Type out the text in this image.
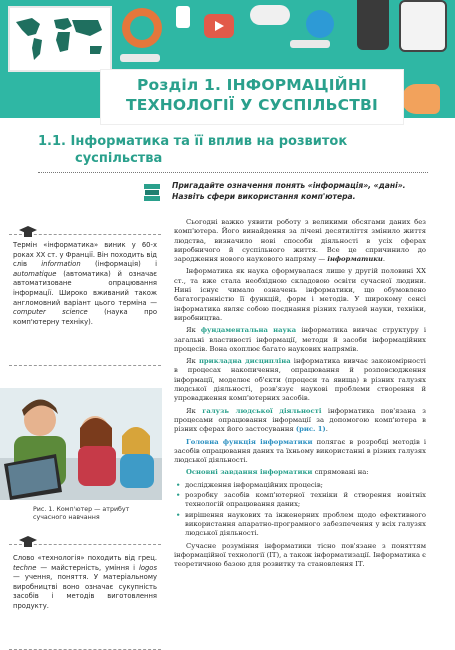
Розділ 1. ІНФОРМАЦІЙНІ
ТЕХНОЛОГІЇ У СУСПІЛЬСТВІ
1.1. Інформатика та її вплив на розвиток
суспільства
Пригадайте означення понять «інформація», «дані». Назвіть сфери використання комп'ютера.
Термін «інформатика» виник у 60-х роках XX ст. у Франції. Він походить від слів information (інформація) і automatique (автоматика) й означає автоматизоване опрацювання інформації. Широко вживаний також англомовний варіант цього терміна — computer science (наука про комп'ютерну техніку).
Рис. 1. Комп'ютер — атрибут сучасного навчання
Слово «технологія» походить від грец. techne — майстерність, уміння і logos — учення, поняття. У матеріальному виробництві воно означає сукупність засобів і методів виготовлення продукту.

Сьогодні важко уявити роботу з великими обсягами даних без комп'ютера. Його винайдення за лічені десятиліття змінило життя людства, визначило нові способи діяльності в усіх сферах виробничого й суспільного життя. Все це спричинило до зародження нового наукового напряму — інформатики.

Інформатика як наука сформувалася лише у другій половині XX ст., та вже стала необхідною складовою освіти сучасної людини. Нині існує чимало означень інформатики, що обумовлено багатогранністю її функцій, форм і методів. У широкому сенсі інформатика являє собою поєднання різних галузей науки, техніки, виробництва.

Як фундаментальна наука інформатика вивчає структуру і загальні властивості інформації, методи й засоби інформаційних процесів. Вона охоплює багато наукових напрямів.

Як прикладна дисципліна інформатика вивчає закономірності в процесах накопичення, опрацювання й розповсюдження інформації, моделює об'єкти (процеси та явища) в різних галузях людської діяльності, розв'язує наукові проблеми створення й упровадження комп'ютерних засобів.

Як галузь людської діяльності інформатика пов'язана з процесами опрацювання інформації за допомогою комп'ютера в різних сферах його застосування (рис. 1).

Головна функція інформатики полягає в розробці методів і засобів опрацювання даних та їхньому використанні в різних галузях людської діяльності.

Основні завдання інформатики спрямовані на:

• дослідження інформаційних процесів;
• розробку засобів комп'ютерної техніки й створення новітніх технологій опрацювання даних;
• вирішення наукових та інженерних проблем щодо ефективного використання апаратно-програмного забезпечення у всіх галузях людської діяльності.

Сучасне розуміння інформатики тісно пов'язане з поняттям інформаційної технології (ІТ), а також інформатизації. Інформатика є теоретичною базою для розвитку та становлення ІТ.
